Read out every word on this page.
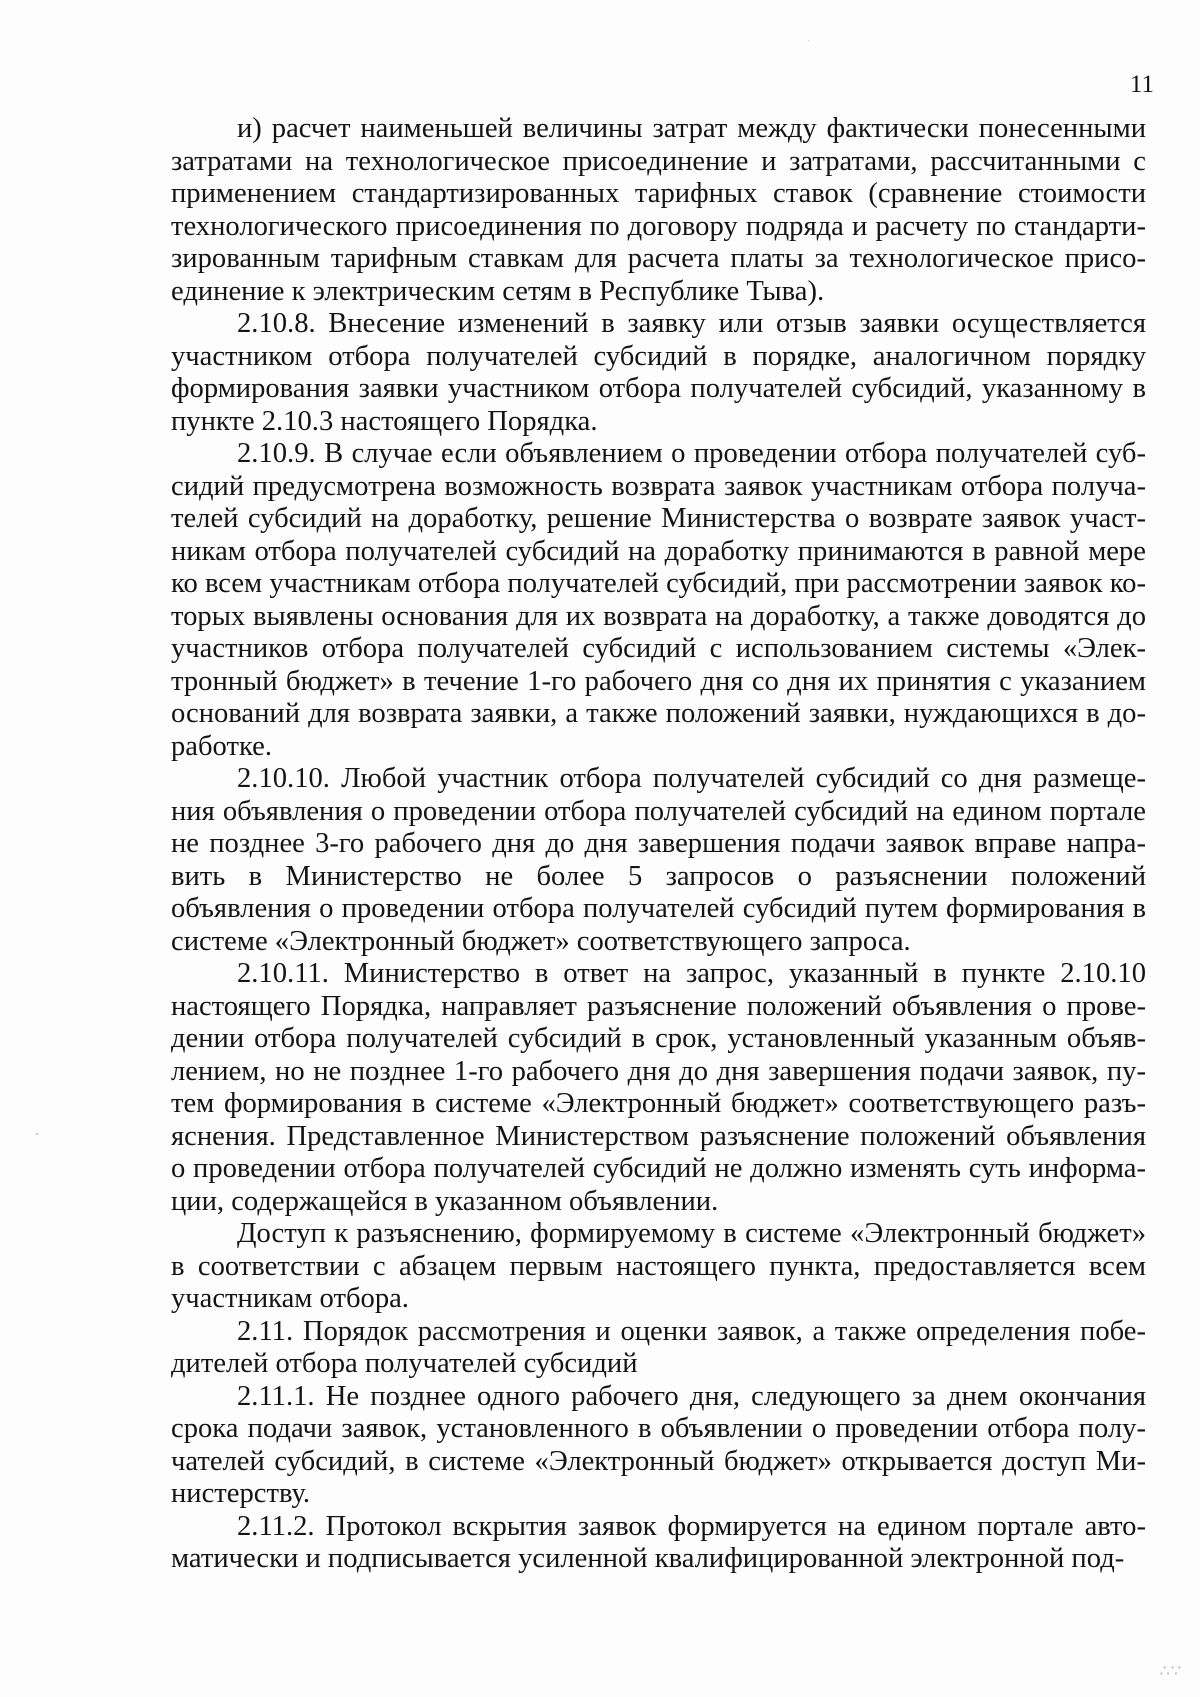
11

и) расчет наименьшей величины затрат между фактически понесенными затратами на технологическое присоединение и затратами, рассчитанными с применением стандартизированных тарифных ставок (сравнение стоимости технологического присоединения по договору подряда и расчету по стандарти-зированным тарифным ставкам для расчета платы за технологическое присо-единение к электрическим сетям в Республике Тыва).

2.10.8. Внесение изменений в заявку или отзыв заявки осуществляется участником отбора получателей субсидий в порядке, аналогичном порядку формирования заявки участником отбора получателей субсидий, указанному в пункте 2.10.3 настоящего Порядка.

2.10.9. В случае если объявлением о проведении отбора получателей суб-сидий предусмотрена возможность возврата заявок участникам отбора получа-телей субсидий на доработку, решение Министерства о возврате заявок участ-никам отбора получателей субсидий на доработку принимаются в равной мере ко всем участникам отбора получателей субсидий, при рассмотрении заявок ко-торых выявлены основания для их возврата на доработку, а также доводятся до участников отбора получателей субсидий с использованием системы «Элек-тронный бюджет» в течение 1-го рабочего дня со дня их принятия с указанием оснований для возврата заявки, а также положений заявки, нуждающихся в до-работке.

2.10.10. Любой участник отбора получателей субсидий со дня размеще-ния объявления о проведении отбора получателей субсидий на едином портале не позднее 3-го рабочего дня до дня завершения подачи заявок вправе напра-вить в Министерство не более 5 запросов о разъяснении положений объявления о проведении отбора получателей субсидий путем формирования в системе «Электронный бюджет» соответствующего запроса.

2.10.11. Министерство в ответ на запрос, указанный в пункте 2.10.10 настоящего Порядка, направляет разъяснение положений объявления о прове-дении отбора получателей субсидий в срок, установленный указанным объяв-лением, но не позднее 1-го рабочего дня до дня завершения подачи заявок, пу-тем формирования в системе «Электронный бюджет» соответствующего разъ-яснения. Представленное Министерством разъяснение положений объявления о проведении отбора получателей субсидий не должно изменять суть информа-ции, содержащейся в указанном объявлении.

Доступ к разъяснению, формируемому в системе «Электронный бюджет» в соответствии с абзацем первым настоящего пункта, предоставляется всем участникам отбора.

2.11. Порядок рассмотрения и оценки заявок, а также определения побе-дителей отбора получателей субсидий

2.11.1. Не позднее одного рабочего дня, следующего за днем окончания срока подачи заявок, установленного в объявлении о проведении отбора полу-чателей субсидий, в системе «Электронный бюджет» открывается доступ Ми-нистерству.

2.11.2. Протокол вскрытия заявок формируется на едином портале авто-матически и подписывается усиленной квалифицированной электронной под-

∴∵
